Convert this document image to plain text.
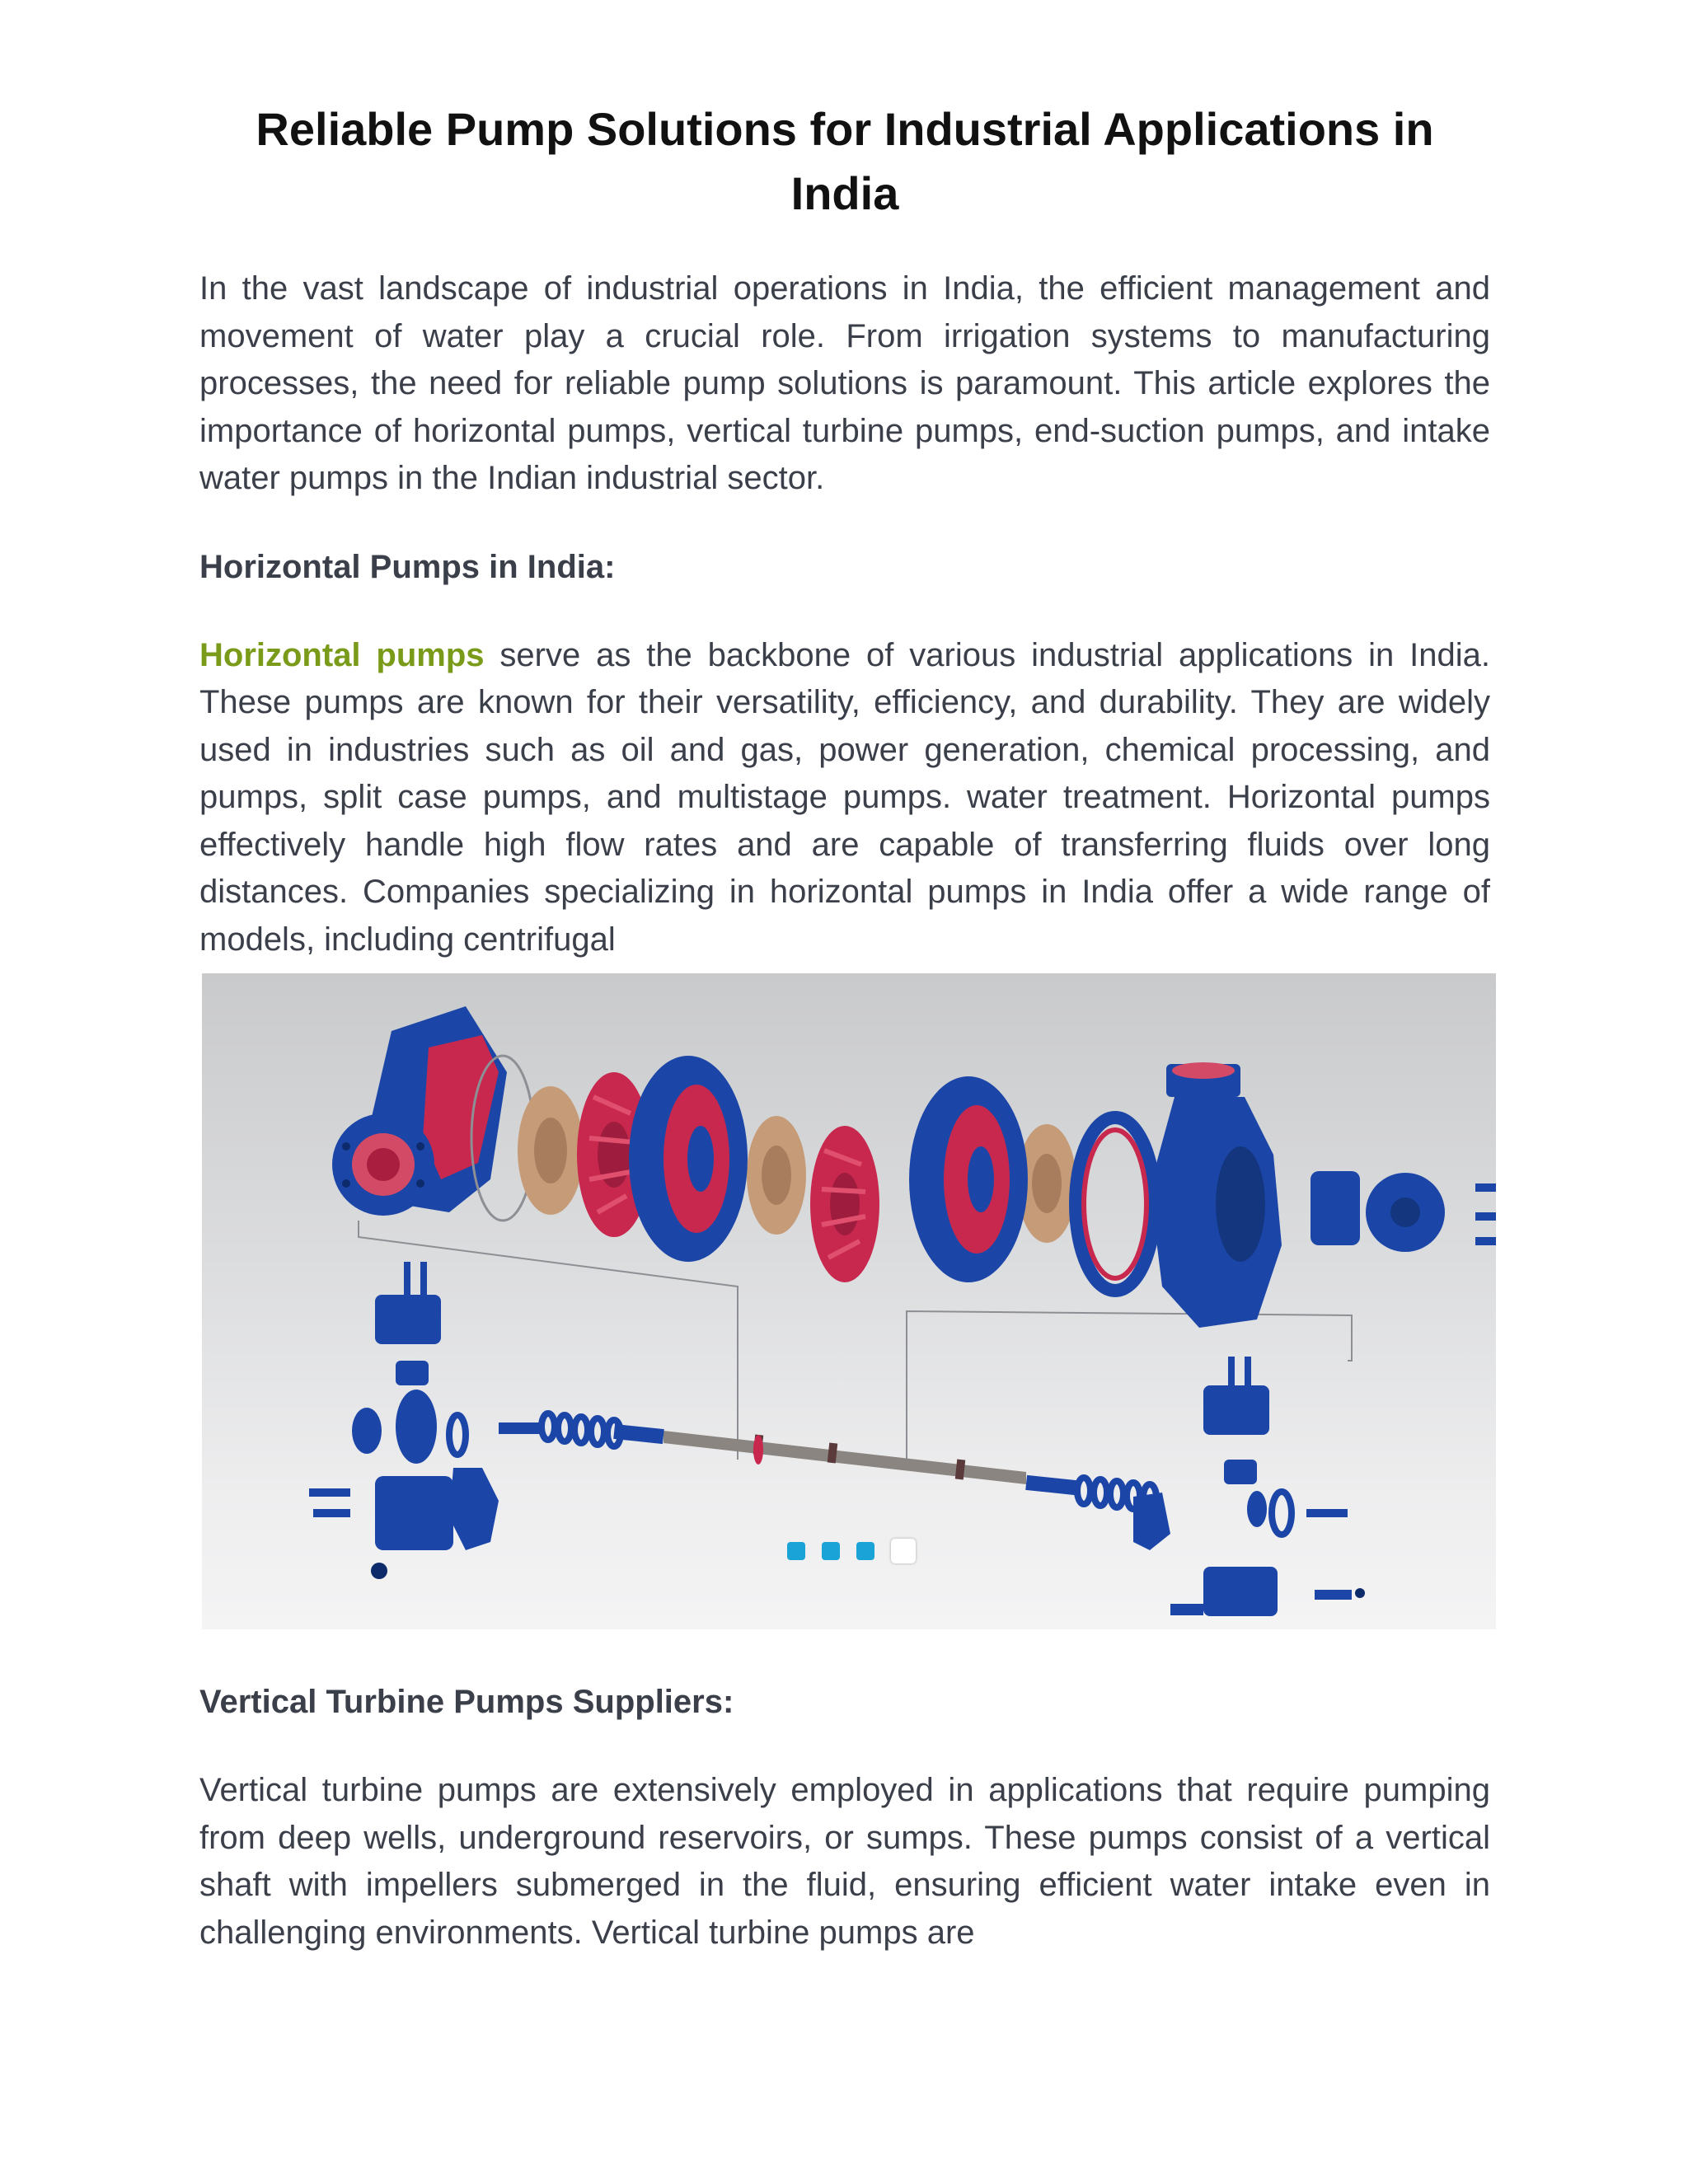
Reliable Pump Solutions for Industrial Applications in India

In the vast landscape of industrial operations in India, the efficient management and movement of water play a crucial role. From irrigation systems to manufacturing processes, the need for reliable pump solutions is paramount. This article explores the importance of horizontal pumps, vertical turbine pumps, end-suction pumps, and intake water pumps in the Indian industrial sector.

Horizontal Pumps in India:

Horizontal pumps serve as the backbone of various industrial applications in India. These pumps are known for their versatility, efficiency, and durability. They are widely used in industries such as oil and gas, power generation, chemical processing, and pumps, split case pumps, and multistage pumps. water treatment. Horizontal pumps effectively handle high flow rates and are capable of transferring fluids over long distances. Companies specializing in horizontal pumps in India offer a wide range of models, including centrifugal

Vertical Turbine Pumps Suppliers:

Vertical turbine pumps are extensively employed in applications that require pumping from deep wells, underground reservoirs, or sumps. These pumps consist of a vertical shaft with impellers submerged in the fluid, ensuring efficient water intake even in challenging environments. Vertical turbine pumps are
